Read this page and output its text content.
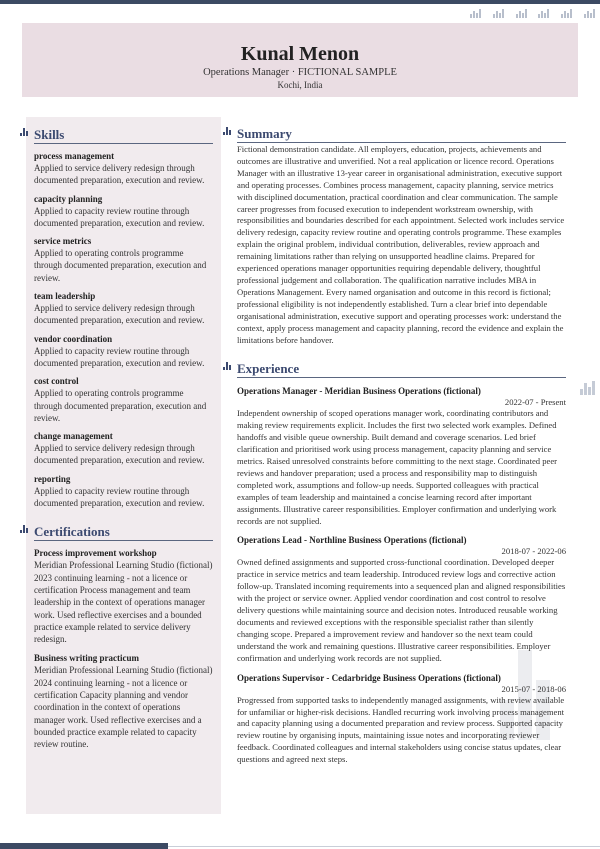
Kunal Menon
Operations Manager · FICTIONAL SAMPLE
Kochi, India
Skills
process management
Applied to service delivery redesign through documented preparation, execution and review.
capacity planning
Applied to capacity review routine through documented preparation, execution and review.
service metrics
Applied to operating controls programme through documented preparation, execution and review.
team leadership
Applied to service delivery redesign through documented preparation, execution and review.
vendor coordination
Applied to capacity review routine through documented preparation, execution and review.
cost control
Applied to operating controls programme through documented preparation, execution and review.
change management
Applied to service delivery redesign through documented preparation, execution and review.
reporting
Applied to capacity review routine through documented preparation, execution and review.
Certifications
Process improvement workshop
Meridian Professional Learning Studio (fictional) 2023 continuing learning - not a licence or certification Process management and team leadership in the context of operations manager work. Used reflective exercises and a bounded practice example related to service delivery redesign.
Business writing practicum
Meridian Professional Learning Studio (fictional) 2024 continuing learning - not a licence or certification Capacity planning and vendor coordination in the context of operations manager work. Used reflective exercises and a bounded practice example related to capacity review routine.
Summary
Fictional demonstration candidate. All employers, education, projects, achievements and outcomes are illustrative and unverified. Not a real application or licence record. Operations Manager with an illustrative 13-year career in organisational administration, executive support and operating processes. Combines process management, capacity planning, service metrics with disciplined documentation, practical coordination and clear communication. The sample career progresses from focused execution to independent workstream ownership, with responsibilities and boundaries described for each appointment. Selected work includes service delivery redesign, capacity review routine and operating controls programme. These examples explain the original problem, individual contribution, deliverables, review approach and remaining limitations rather than relying on unsupported headline claims. Prepared for experienced operations manager opportunities requiring dependable delivery, thoughtful professional judgement and collaboration. The qualification narrative includes MBA in Operations Management. Every named organisation and outcome in this record is fictional; professional eligibility is not independently established. Turn a clear brief into dependable organisational administration, executive support and operating processes work: understand the context, apply process management and capacity planning, record the evidence and explain the limitations before handover.
Experience
Operations Manager - Meridian Business Operations (fictional)
2022-07 - Present
Independent ownership of scoped operations manager work, coordinating contributors and making review requirements explicit. Includes the first two selected work examples. Defined handoffs and visible queue ownership. Built demand and coverage scenarios. Led brief clarification and prioritised work using process management, capacity planning and service metrics. Raised unresolved constraints before committing to the next stage. Coordinated peer reviews and handover preparation; used a process and responsibility map to distinguish completed work, assumptions and follow-up needs. Supported colleagues with practical examples of team leadership and maintained a concise learning record after important assignments. Illustrative career responsibilities. Employer confirmation and underlying work records are not supplied.
Operations Lead - Northline Business Operations (fictional)
2018-07 - 2022-06
Owned defined assignments and supported cross-functional coordination. Developed deeper practice in service metrics and team leadership. Introduced review logs and corrective action follow-up. Translated incoming requirements into a sequenced plan and aligned responsibilities with the project or service owner. Applied vendor coordination and cost control to resolve delivery questions while maintaining source and decision notes. Introduced reusable working documents and reviewed exceptions with the responsible specialist rather than silently changing scope. Prepared a improvement review and handover so the next team could understand the work and remaining questions. Illustrative career responsibilities. Employer confirmation and underlying work records are not supplied.
Operations Supervisor - Cedarbridge Business Operations (fictional)
2015-07 - 2018-06
Progressed from supported tasks to independently managed assignments, with review available for unfamiliar or higher-risk decisions. Handled recurring work involving process management and capacity planning using a documented preparation and review process. Supported capacity review routine by organising inputs, maintaining issue notes and incorporating reviewer feedback. Coordinated colleagues and internal stakeholders using concise status updates, clear questions and agreed next steps.
